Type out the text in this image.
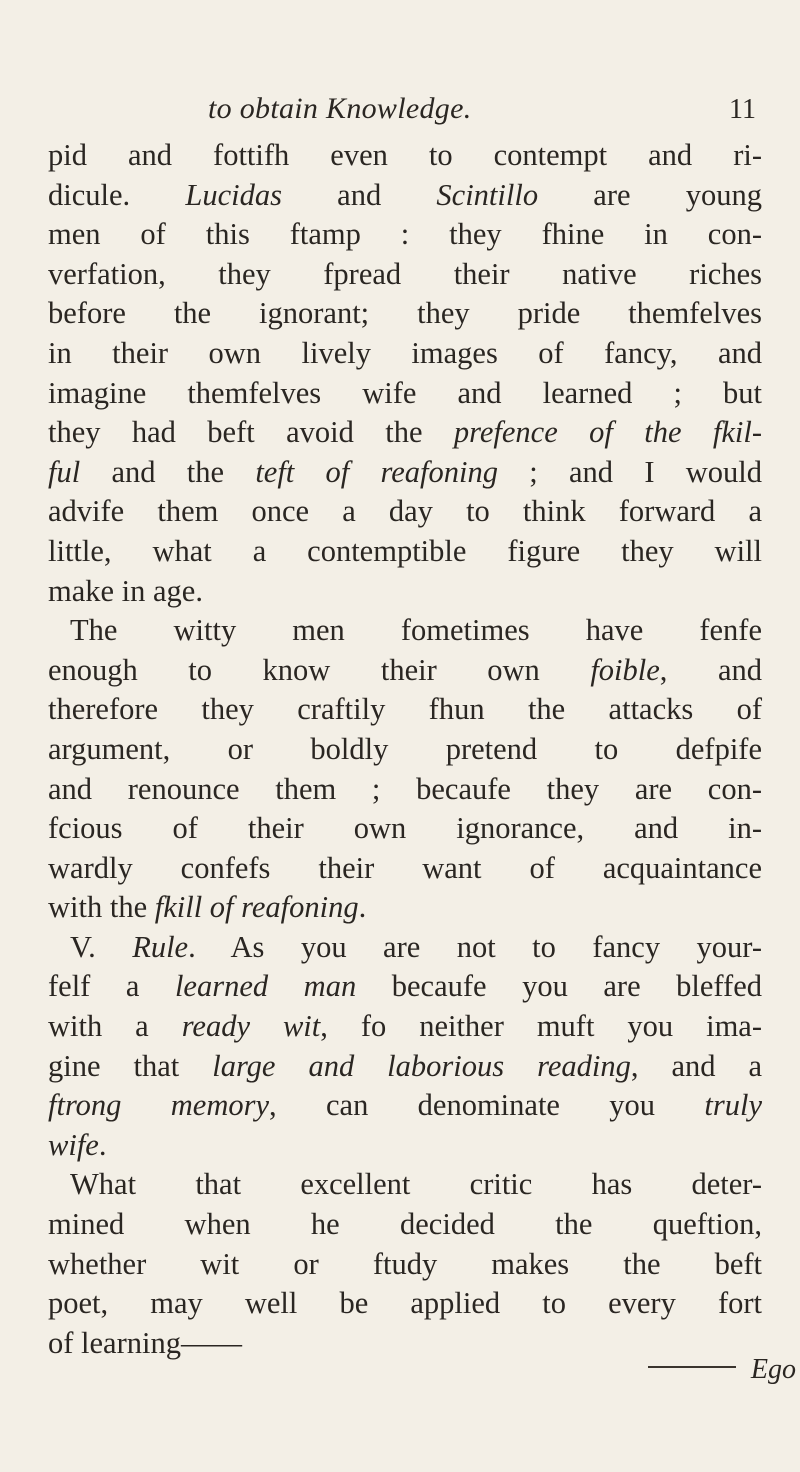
to obtain Knowledge.	11
pid and fottifh even to contempt and ri-
dicule. Lucidas and Scintillo are young
men of this ftamp : they fhine in con-
verfation, they fpread their native riches
before the ignorant; they pride themfelves
in their own lively images of fancy, and
imagine themfelves wife and learned ; but
they had beft avoid the prefence of the fkil-
ful and the teft of reafoning ; and I would
advife them once a day to think forward a
little, what a contemptible figure they will
make in age.
The witty men fometimes have fenfe
enough to know their own foible, and
therefore they craftily fhun the attacks of
argument, or boldly pretend to defpife
and renounce them ; becaufe they are con-
fcious of their own ignorance, and in-
wardly confefs their want of acquaintance
with the fkill of reafoning.
V. Rule. As you are not to fancy your-
felf a learned man becaufe you are bleffed
with a ready wit, fo neither muft you ima-
gine that large and laborious reading, and a
ftrong memory, can denominate you truly
wife.
What that excellent critic has deter-
mined when he decided the queftion,
whether wit or ftudy makes the beft
poet, may well be applied to every fort
of learning——
Ego
